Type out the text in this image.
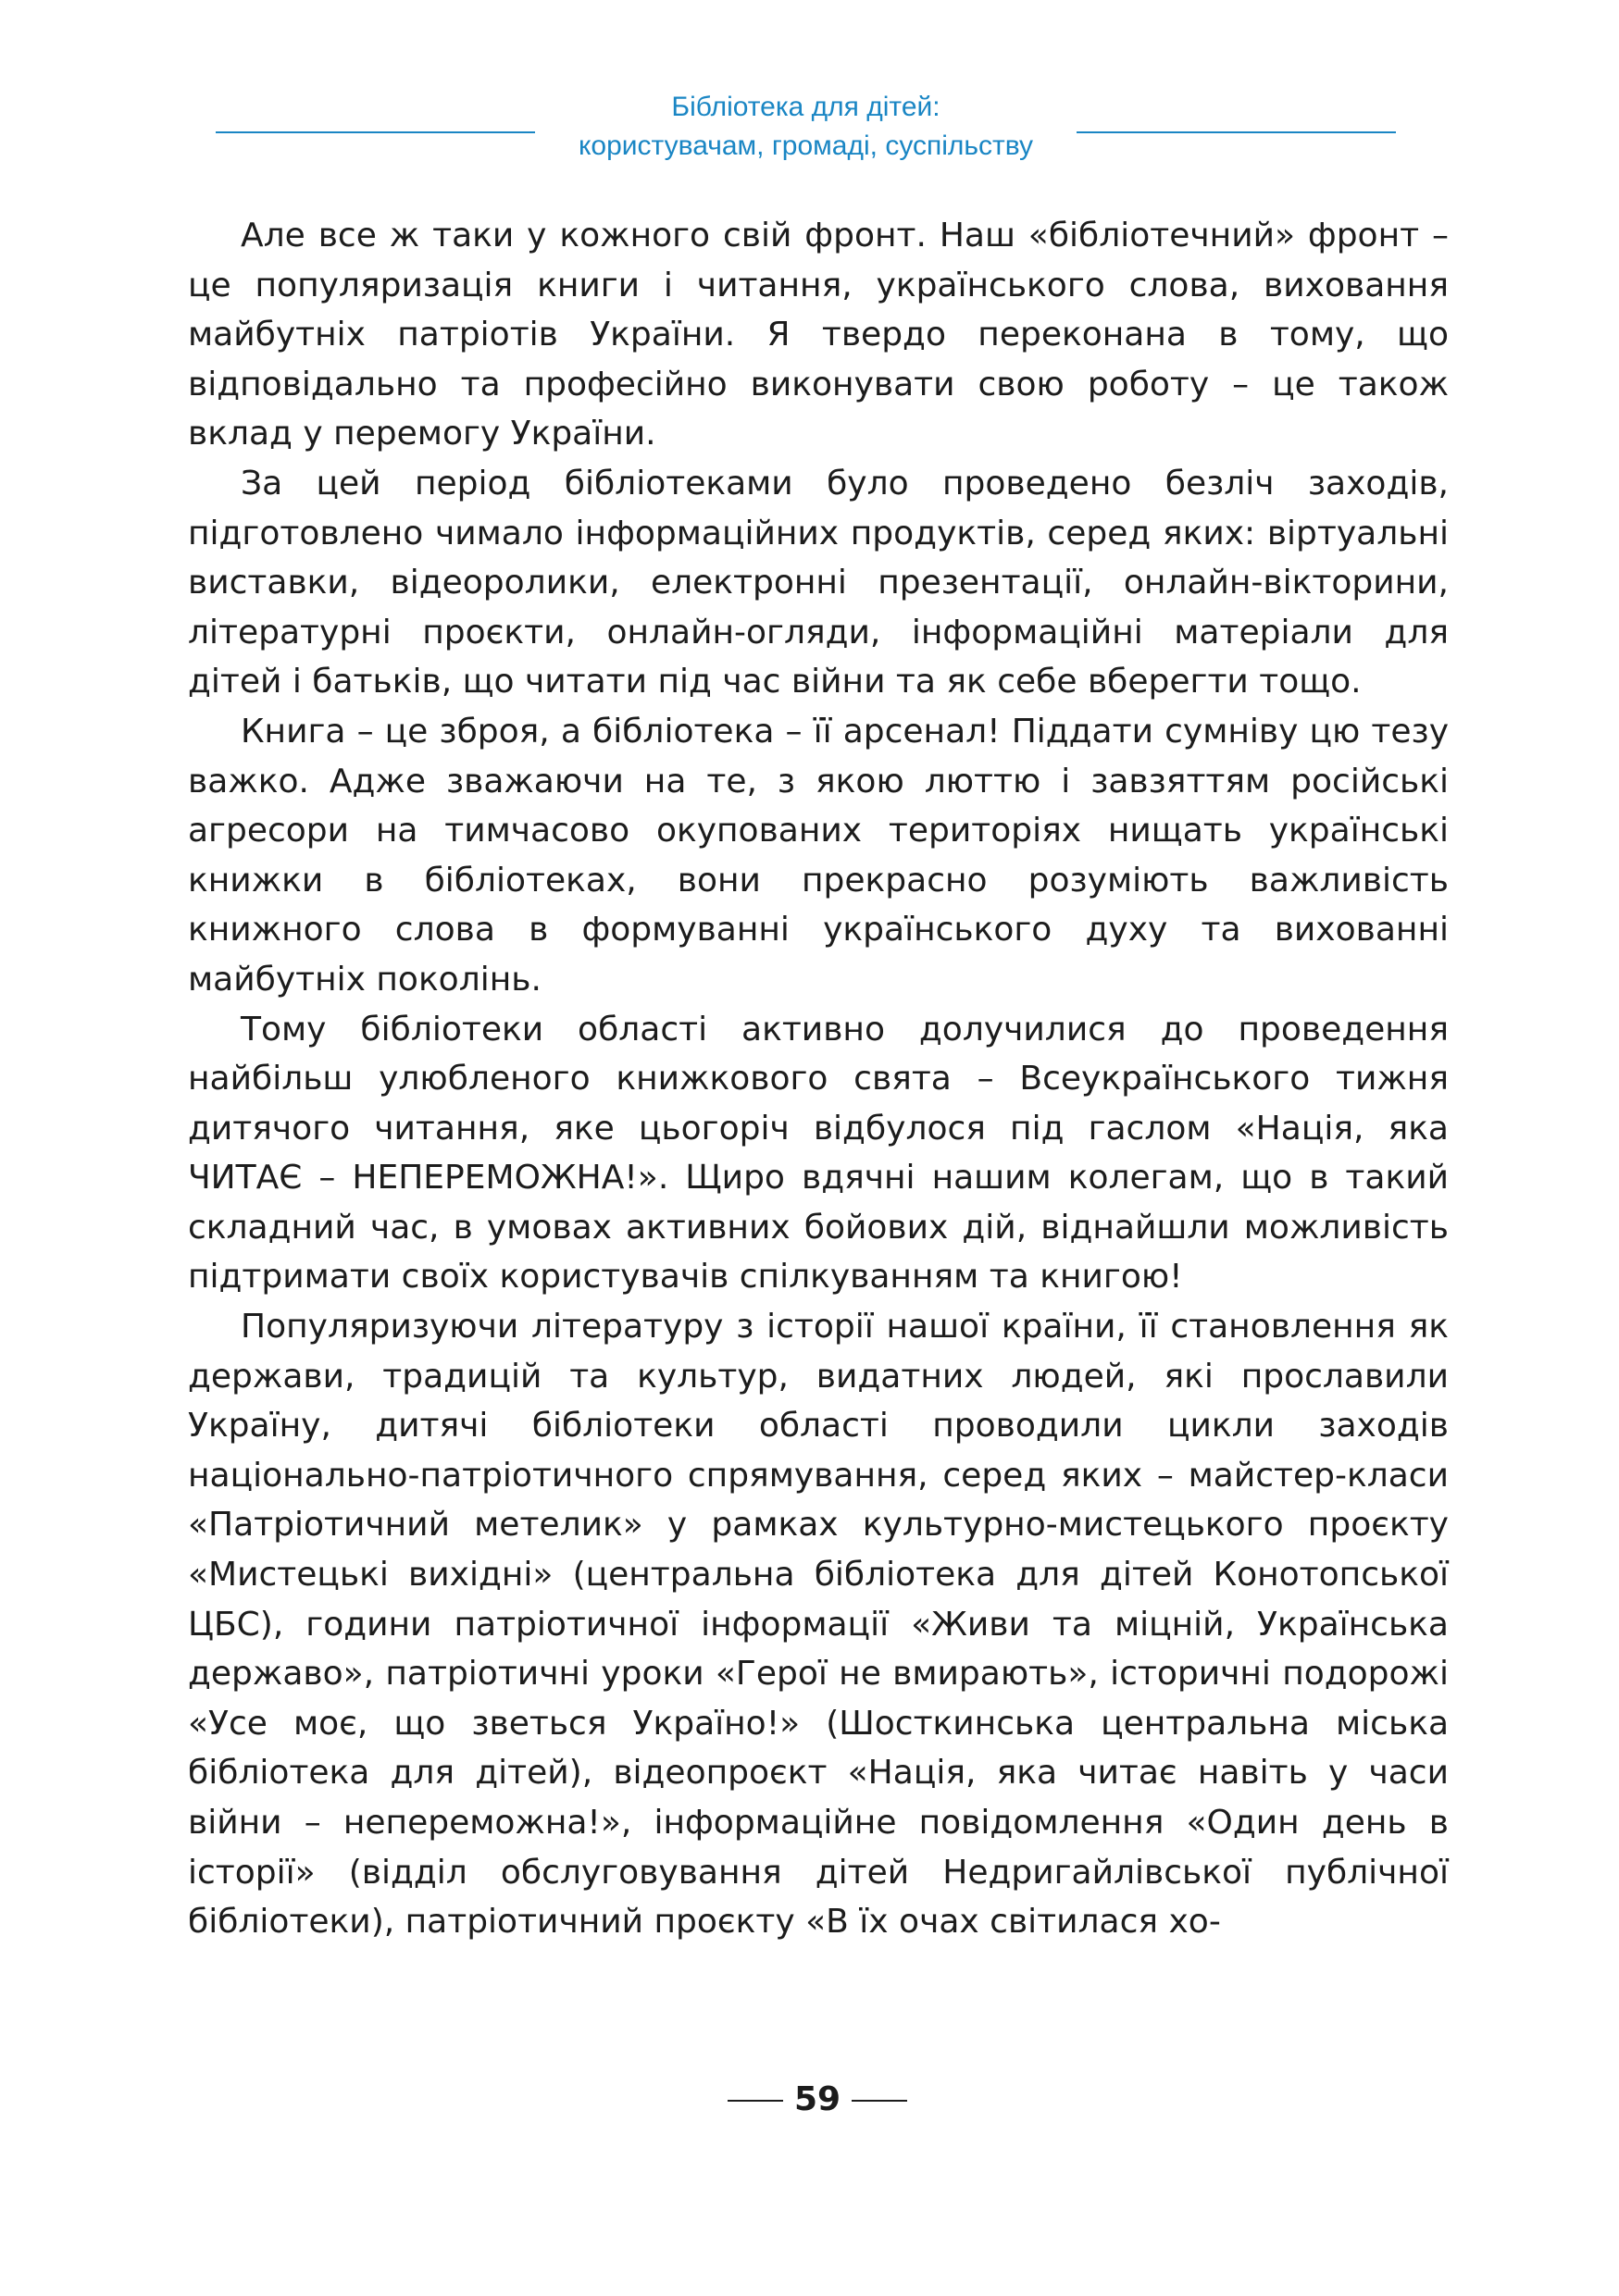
Бібліотека для дітей:
користувачам, громаді, суспільству

Але все ж таки у кожного свій фронт. Наш «бібліотечний» фронт – це популяризація книги і читання, українського слова, виховання майбутніх патріотів України. Я твердо переконана в тому, що відповідально та професійно виконувати свою роботу – це також вклад у перемогу України.

За цей період бібліотеками було проведено безліч заходів, підготовлено чимало інформаційних продуктів, серед яких: віртуальні виставки, відеоролики, електронні презентації, онлайн-вікторини, літературні проєкти, онлайн-огляди, інформаційні матеріали для дітей і батьків, що читати під час війни та як себе вберегти тощо.

Книга – це зброя, а бібліотека – її арсенал! Піддати сумніву цю тезу важко. Адже зважаючи на те, з якою люттю і завзяттям російські агресори на тимчасово окупованих територіях нищать українські книжки в бібліотеках, вони прекрасно розуміють важливість книжного слова в формуванні українського духу та вихованні майбутніх поколінь.

Тому бібліотеки області активно долучилися до проведення найбільш улюбленого книжкового свята – Всеукраїнського тижня дитячого читання, яке цьогоріч відбулося під гаслом «Нація, яка ЧИТАЄ – НЕПЕРЕМОЖНА!». Щиро вдячні нашим колегам, що в такий складний час, в умовах активних бойових дій, віднайшли можливість підтримати своїх користувачів спілкуванням та книгою!

Популяризуючи літературу з історії нашої країни, її становлення як держави, традицій та культур, видатних людей, які прославили Україну, дитячі бібліотеки області проводили цикли заходів національно-патріотичного спрямування, серед яких – майстер-класи «Патріотичний метелик» у рамках культурно-мистецького проєкту «Мистецькі вихідні» (центральна бібліотека для дітей Конотопської ЦБС), години патріотичної інформації «Живи та міцній, Українська державо», патріотичні уроки «Герої не вмирають», історичні подорожі «Усе моє, що зветься Україно!» (Шосткинська центральна міська бібліотека для дітей), відеопроєкт «Нація, яка читає навіть у часи війни – непереможна!», інформаційне повідомлення «Один день в історії» (відділ обслуговування дітей Недригайлівської публічної бібліотеки), патріотичний проєкту «В їх очах світилася хо-

59
